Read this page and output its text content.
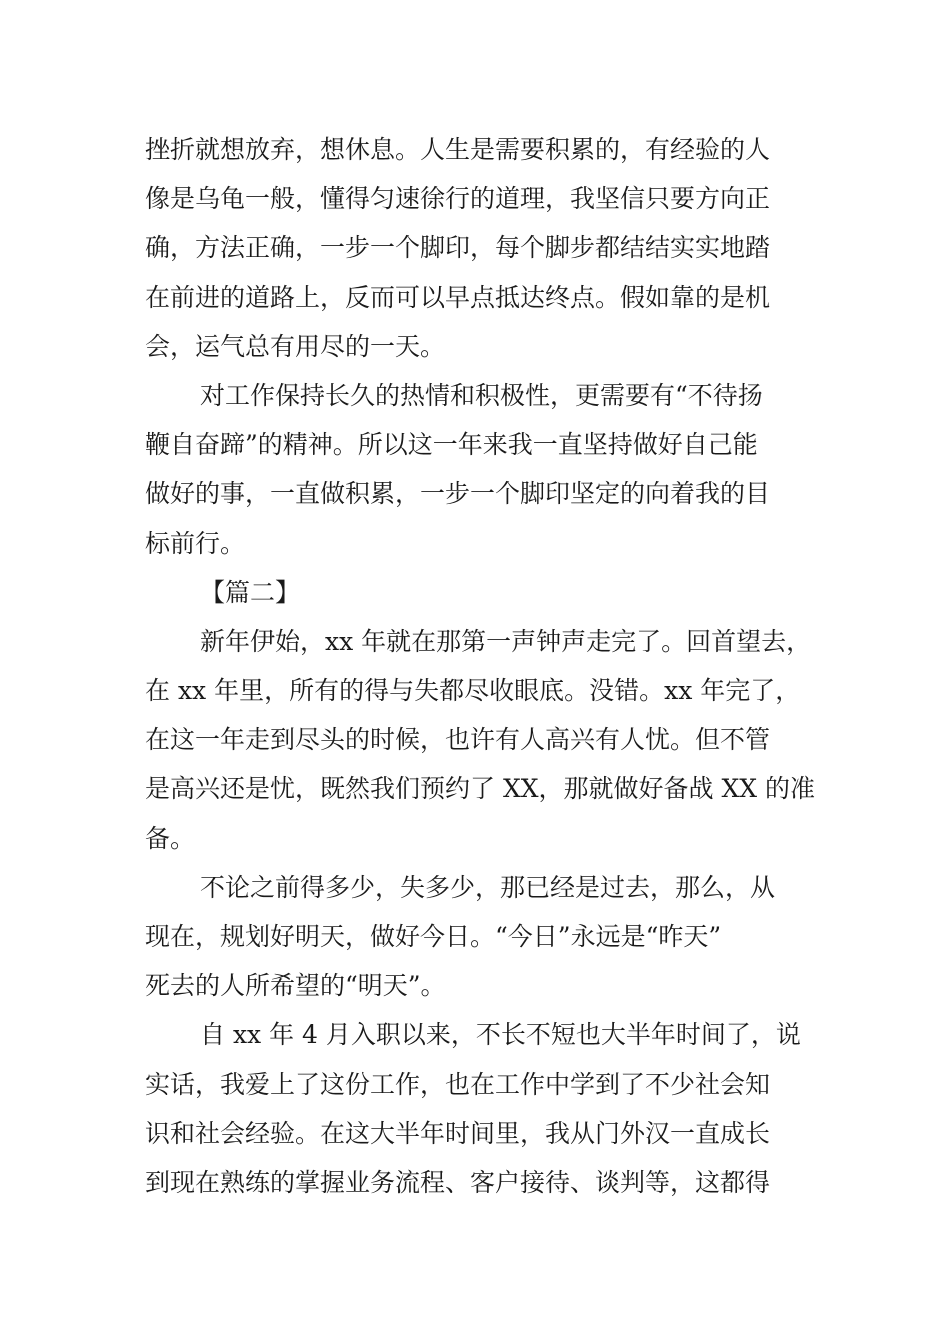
挫折就想放弃，想休息。人生是需要积累的，有经验的人
像是乌龟一般，懂得匀速徐行的道理，我坚信只要方向正
确，方法正确，一步一个脚印，每个脚步都结结实实地踏
在前进的道路上，反而可以早点抵达终点。假如靠的是机
会，运气总有用尽的一天。
对工作保持长久的热情和积极性，更需要有“不待扬
鞭自奋蹄”的精神。所以这一年来我一直坚持做好自己能
做好的事，一直做积累，一步一个脚印坚定的向着我的目
标前行。
【篇二】
新年伊始，xx 年就在那第一声钟声走完了。回首望去，
在 xx 年里，所有的得与失都尽收眼底。没错。xx 年完了，
在这一年走到尽头的时候，也许有人高兴有人忧。但不管
是高兴还是忧，既然我们预约了 XX，那就做好备战 XX 的准
备。
不论之前得多少，失多少，那已经是过去，那么，从
现在，规划好明天，做好今日。“今日”永远是“昨天”
死去的人所希望的“明天”。
自 xx 年 4 月入职以来，不长不短也大半年时间了，说
实话，我爱上了这份工作，也在工作中学到了不少社会知
识和社会经验。在这大半年时间里，我从门外汉一直成长
到现在熟练的掌握业务流程、客户接待、谈判等，这都得
